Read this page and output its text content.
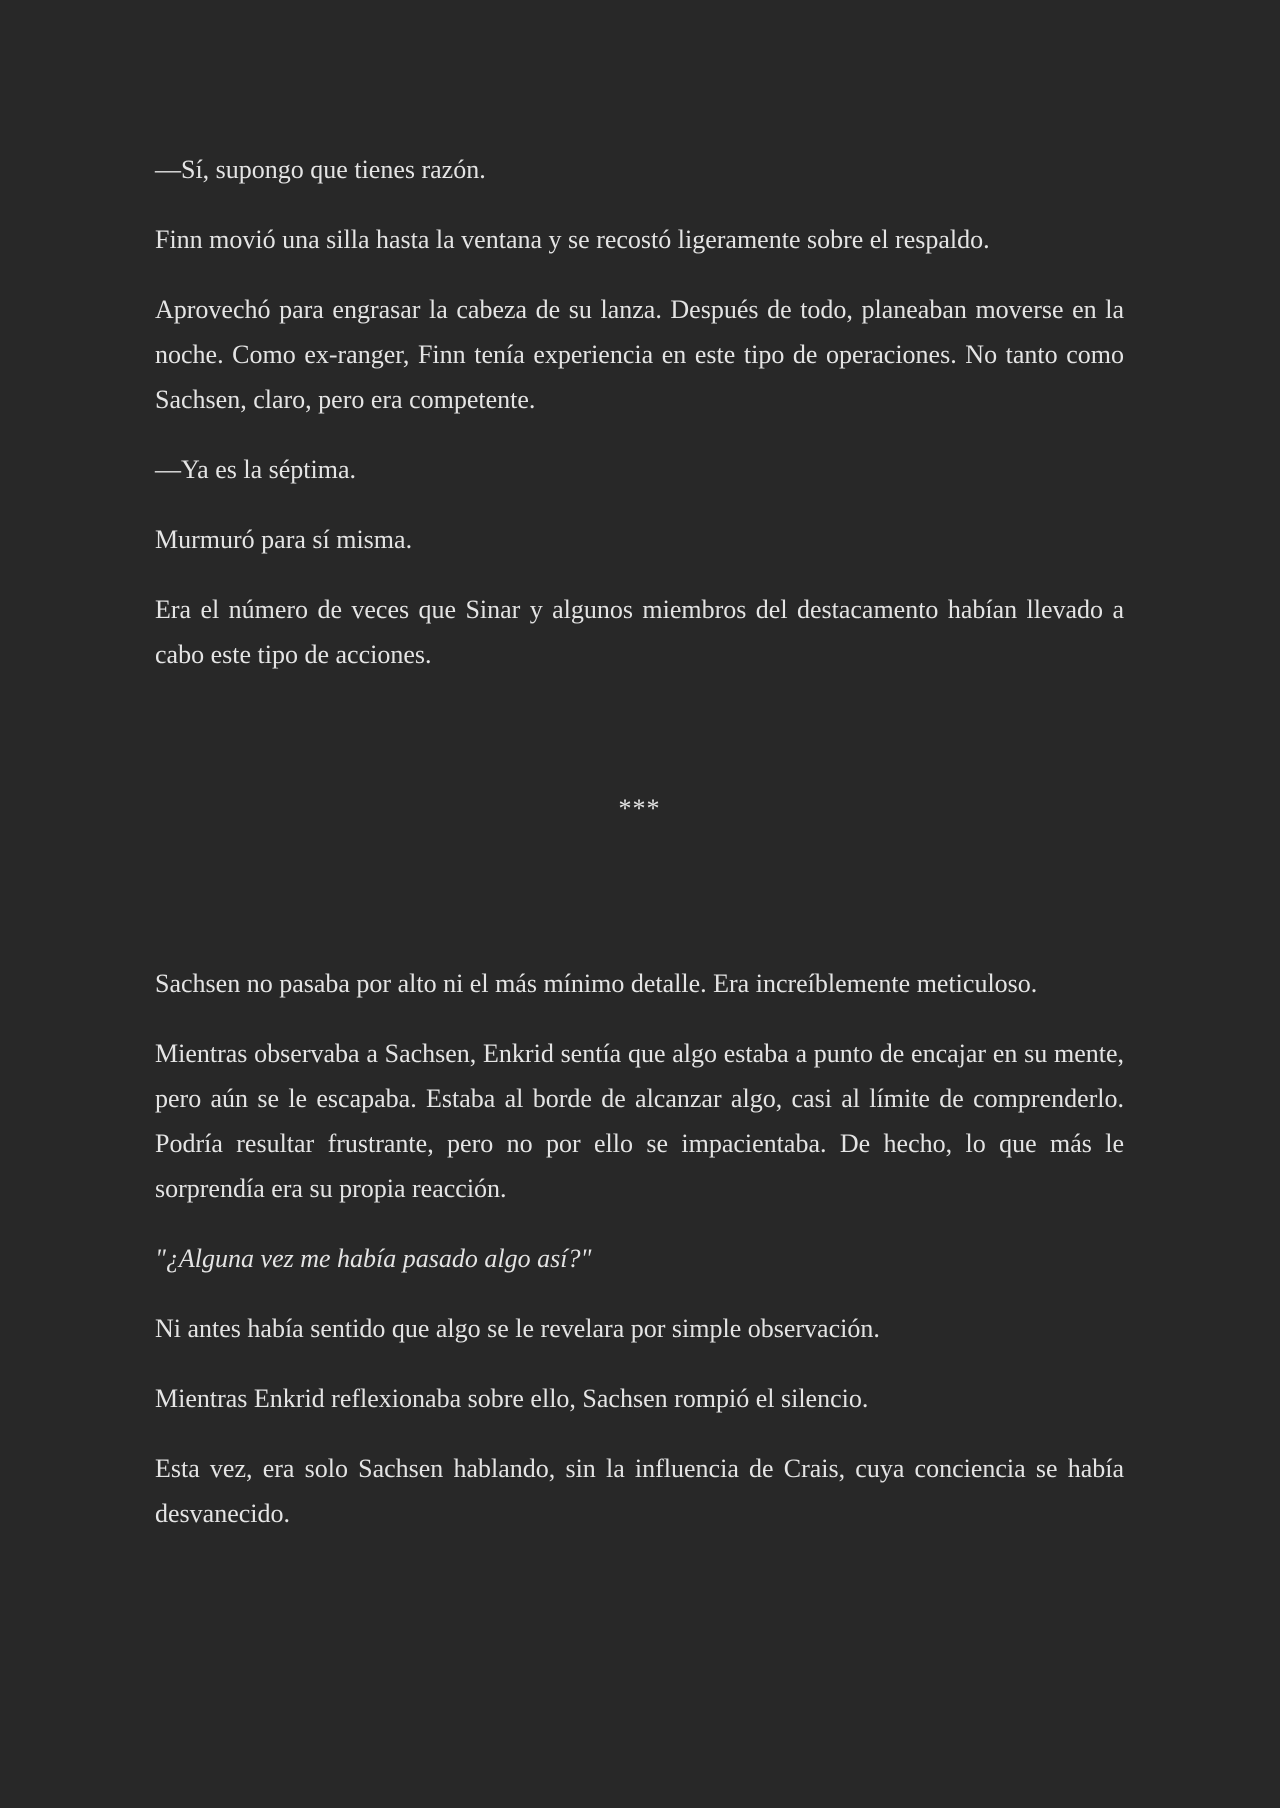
—Sí, supongo que tienes razón.

Finn movió una silla hasta la ventana y se recostó ligeramente sobre el respaldo.

Aprovechó para engrasar la cabeza de su lanza. Después de todo, planeaban moverse en la noche. Como ex-ranger, Finn tenía experiencia en este tipo de operaciones. No tanto como Sachsen, claro, pero era competente.

—Ya es la séptima.

Murmuró para sí misma.

Era el número de veces que Sinar y algunos miembros del destacamento habían llevado a cabo este tipo de acciones.

***

Sachsen no pasaba por alto ni el más mínimo detalle. Era increíblemente meticuloso.

Mientras observaba a Sachsen, Enkrid sentía que algo estaba a punto de encajar en su mente, pero aún se le escapaba. Estaba al borde de alcanzar algo, casi al límite de comprenderlo. Podría resultar frustrante, pero no por ello se impacientaba. De hecho, lo que más le sorprendía era su propia reacción.

"¿Alguna vez me había pasado algo así?"

Ni antes había sentido que algo se le revelara por simple observación.

Mientras Enkrid reflexionaba sobre ello, Sachsen rompió el silencio.

Esta vez, era solo Sachsen hablando, sin la influencia de Crais, cuya conciencia se había desvanecido.
